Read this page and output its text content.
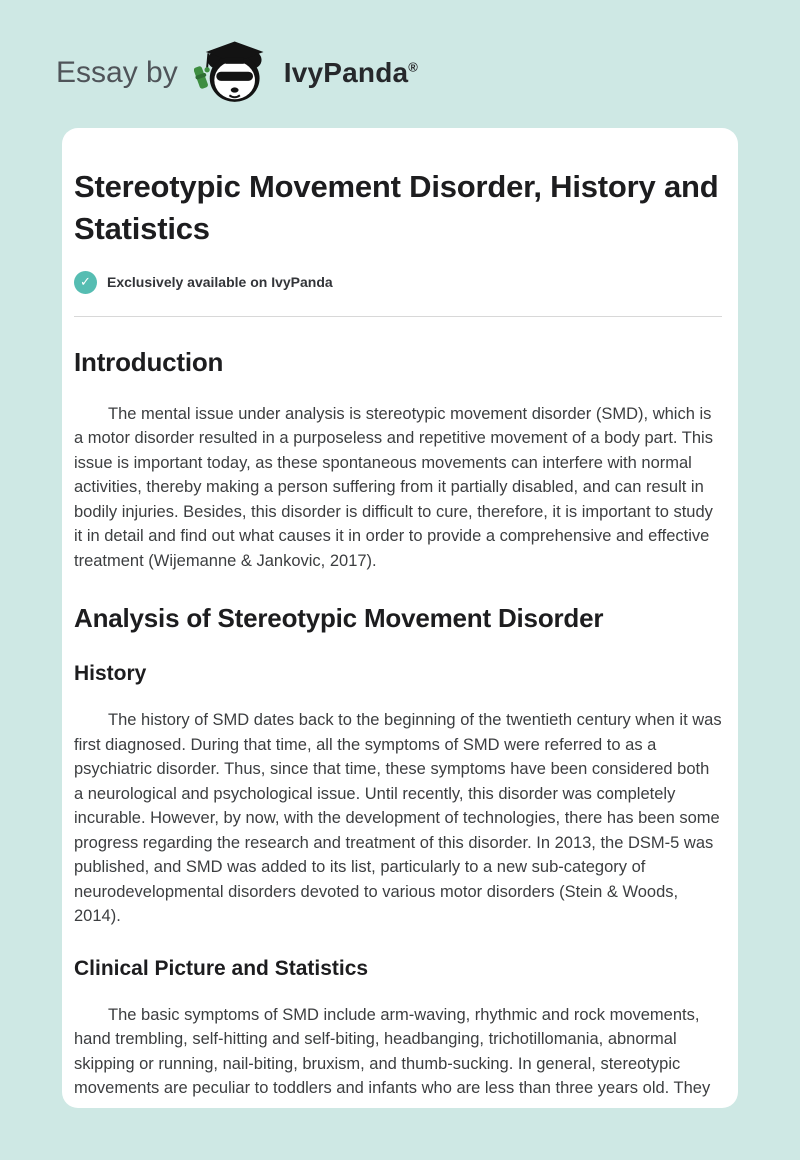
Essay by	IvyPanda®
Stereotypic Movement Disorder, History and Statistics
✓	Exclusively available on IvyPanda
Introduction

The mental issue under analysis is stereotypic movement disorder (SMD), which is a motor disorder resulted in a purposeless and repetitive movement of a body part. This issue is important today, as these spontaneous movements can interfere with normal activities, thereby making a person suffering from it partially disabled, and can result in bodily injuries. Besides, this disorder is difficult to cure, therefore, it is important to study it in detail and find out what causes it in order to provide a comprehensive and effective treatment (Wijemanne & Jankovic, 2017).

Analysis of Stereotypic Movement Disorder
History

The history of SMD dates back to the beginning of the twentieth century when it was first diagnosed. During that time, all the symptoms of SMD were referred to as a psychiatric disorder. Thus, since that time, these symptoms have been considered both a neurological and psychological issue. Until recently, this disorder was completely incurable. However, by now, with the development of technologies, there has been some progress regarding the research and treatment of this disorder. In 2013, the DSM-5 was published, and SMD was added to its list, particularly to a new sub-category of neurodevelopmental disorders devoted to various motor disorders (Stein & Woods, 2014).

Clinical Picture and Statistics

The basic symptoms of SMD include arm-waving, rhythmic and rock movements, hand trembling, self-hitting and self-biting, headbanging, trichotillomania, abnormal skipping or running, nail-biting, bruxism, and thumb-sucking. In general, stereotypic movements are peculiar to toddlers and infants who are less than three years old. They
